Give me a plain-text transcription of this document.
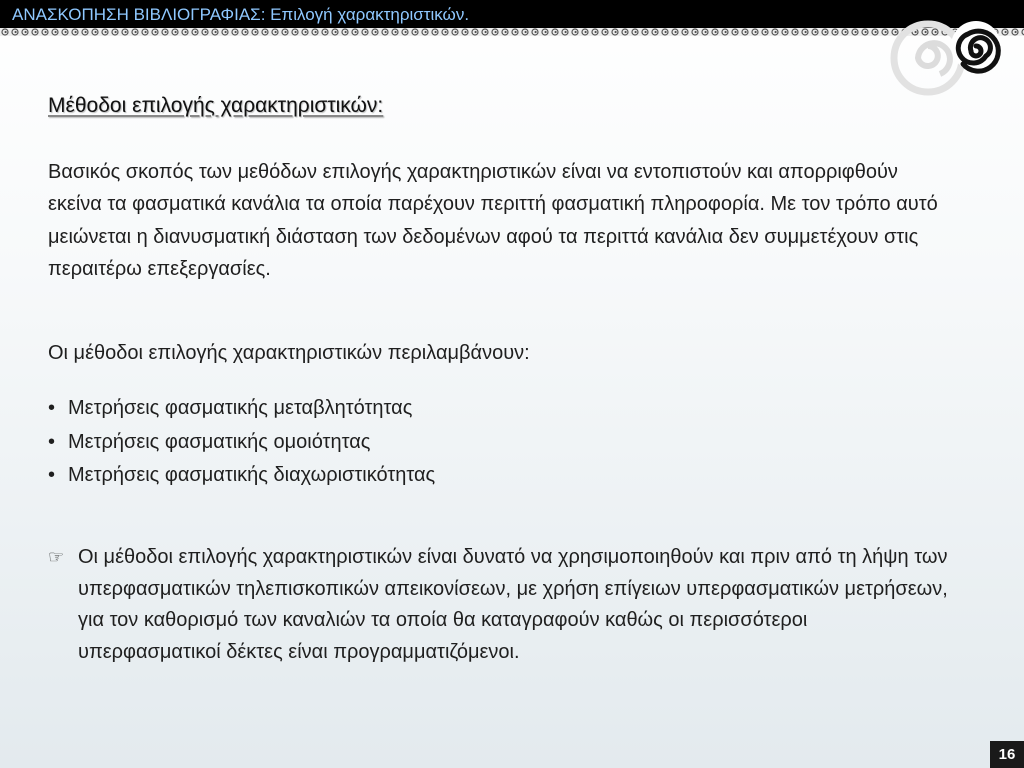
ΑΝΑΣΚΟΠΗΣΗ ΒΙΒΛΙΟΓΡΑΦΙΑΣ: Επιλογή χαρακτηριστικών.
Μέθοδοι επιλογής χαρακτηριστικών:

Βασικός σκοπός των μεθόδων επιλογής χαρακτηριστικών είναι να εντοπιστούν και απορριφθούν εκείνα τα φασματικά κανάλια τα οποία παρέχουν περιττή φασματική πληροφορία. Με τον τρόπο αυτό μειώνεται η διανυσματική διάσταση των δεδομένων αφού τα περιττά κανάλια δεν συμμετέχουν στις περαιτέρω επεξεργασίες.

Οι μέθοδοι επιλογής χαρακτηριστικών περιλαμβάνουν:
• Μετρήσεις φασματικής μεταβλητότητας
• Μετρήσεις φασματικής ομοιότητας
• Μετρήσεις φασματικής διαχωριστικότητας
☞ Οι μέθοδοι επιλογής χαρακτηριστικών είναι δυνατό να χρησιμοποιηθούν και πριν από τη λήψη των υπερφασματικών τηλεπισκοπικών απεικονίσεων, με χρήση επίγειων υπερφασματικών μετρήσεων, για τον καθορισμό των καναλιών τα οποία θα καταγραφούν καθώς οι περισσότεροι υπερφασματικοί δέκτες είναι προγραμματιζόμενοι.

16
